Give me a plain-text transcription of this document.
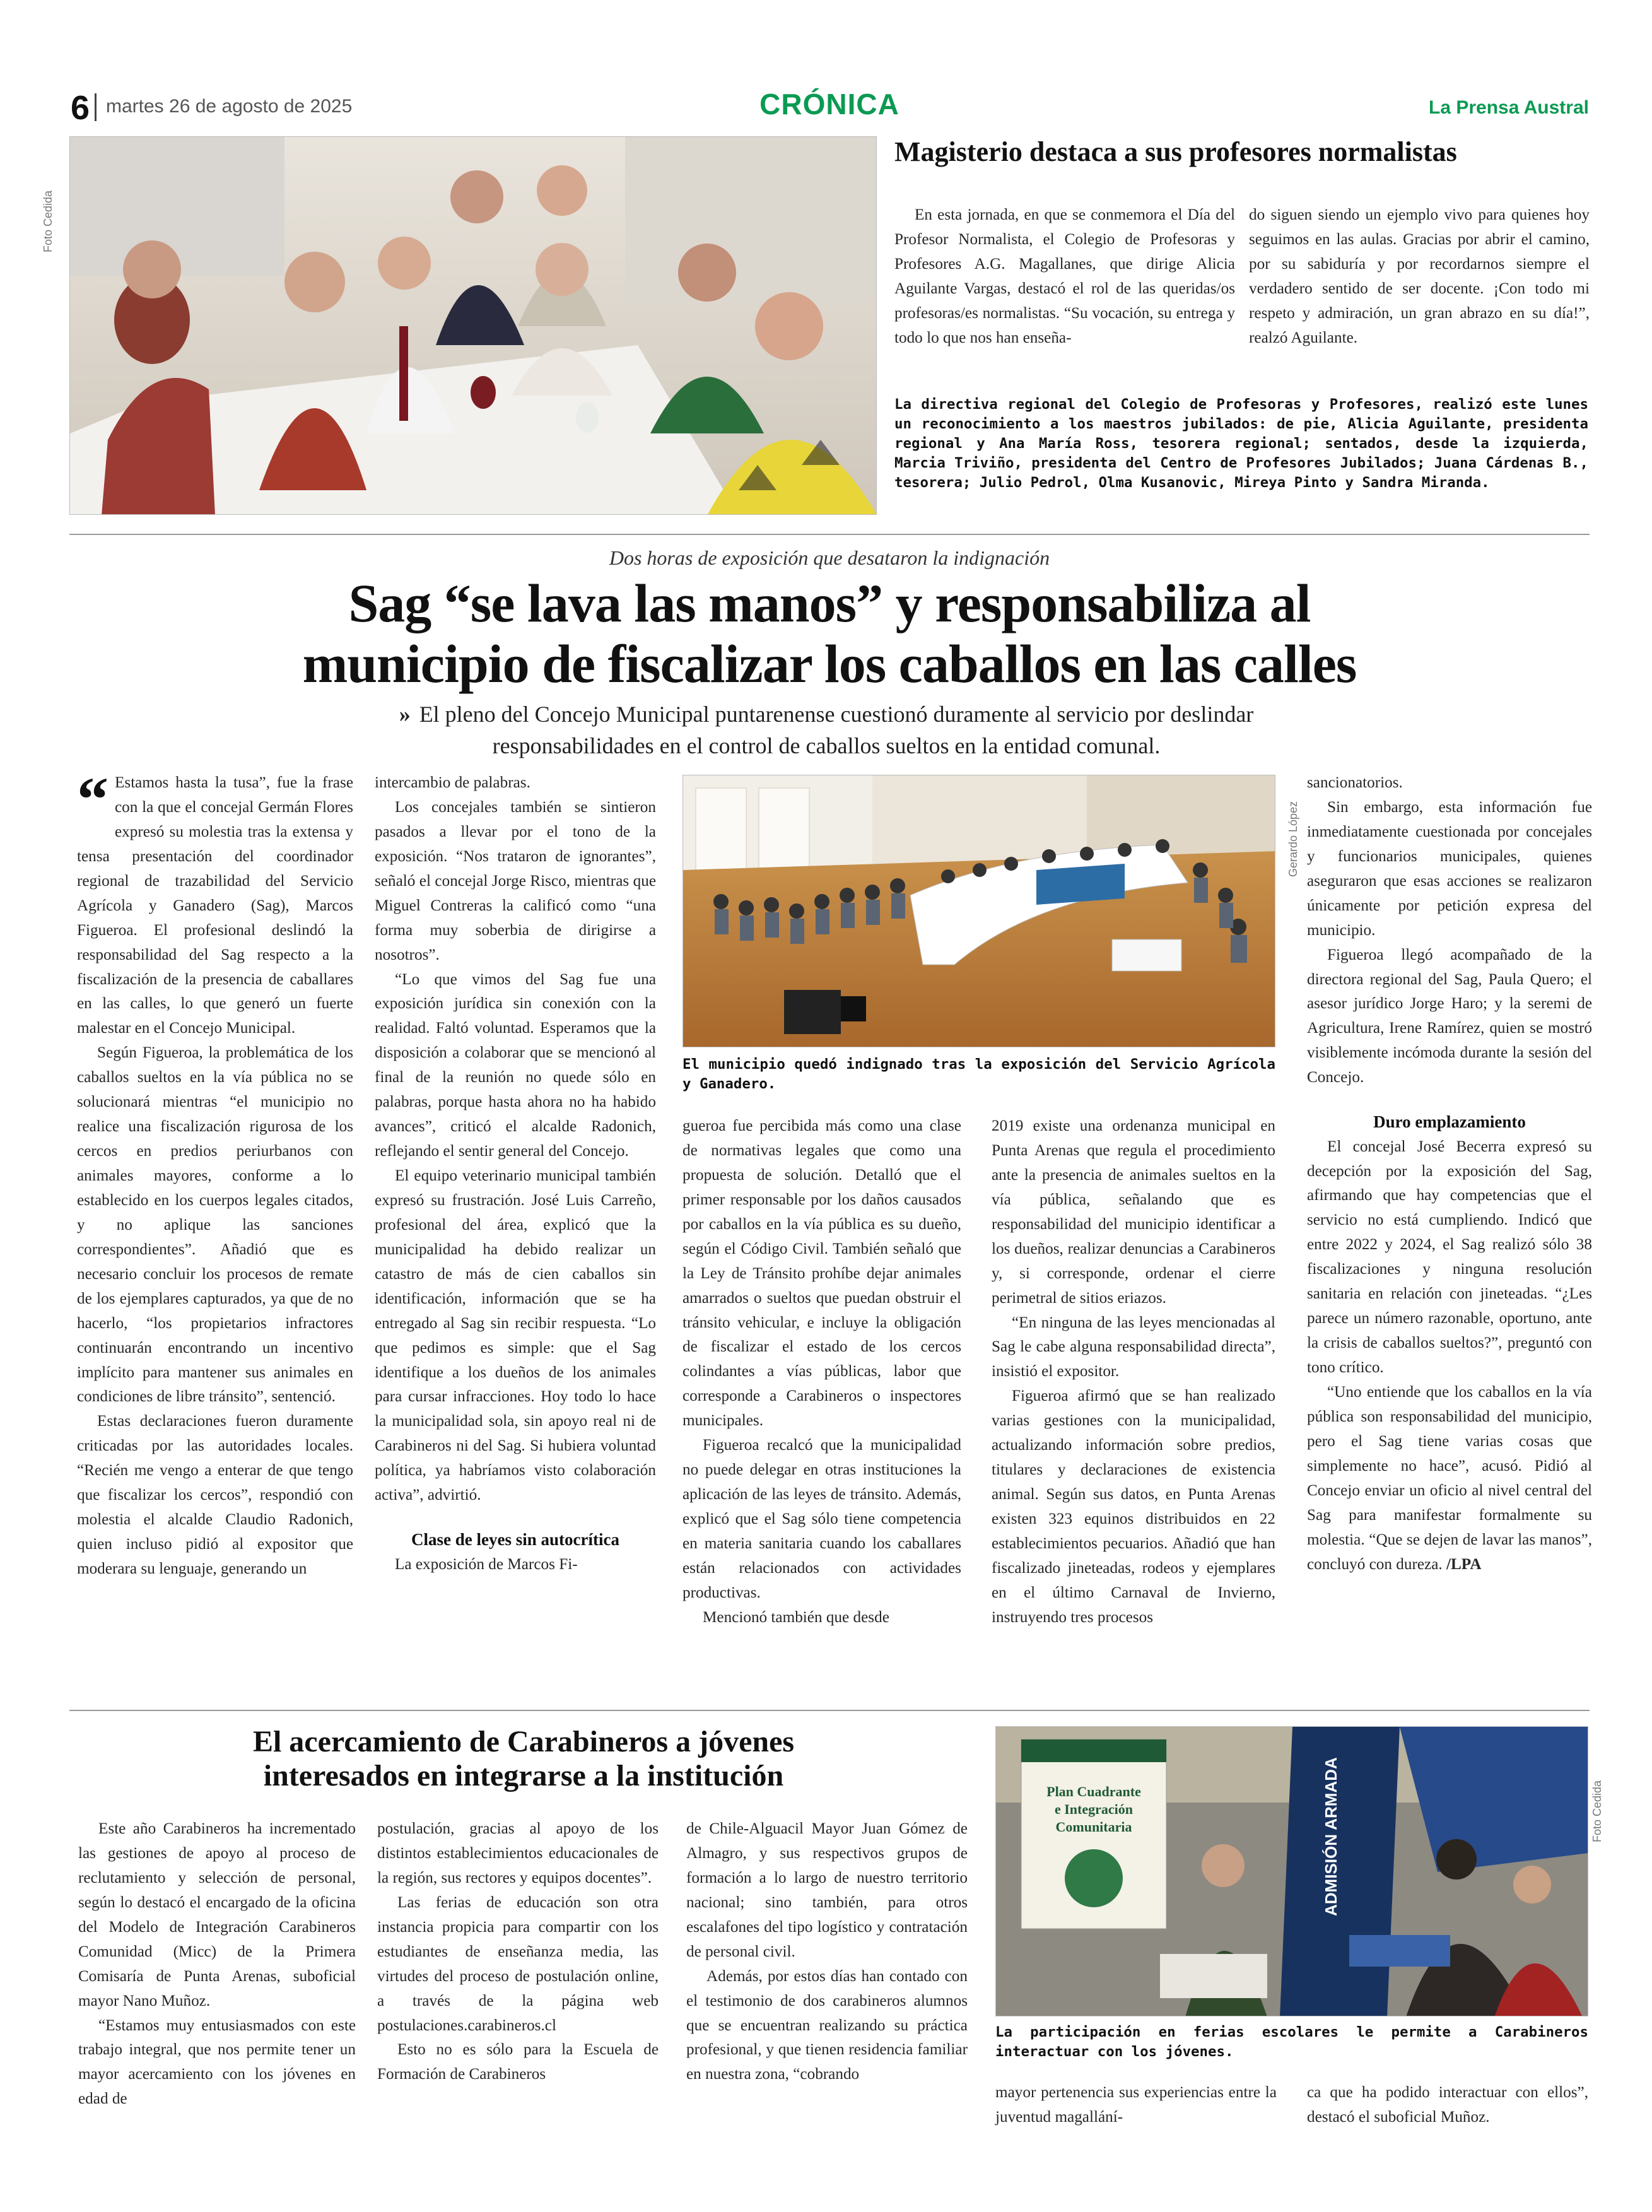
6 martes 26 de agosto de 2025	CRÓNICA	La Prensa Austral
Foto Cedida
Magisterio destaca a sus profesores normalistas

En esta jornada, en que se conmemora el Día del Profesor Normalista, el Colegio de Profesoras y Profesores A.G. Magallanes, que dirige Alicia Aguilante Vargas, destacó el rol de las queridas/os profesoras/es normalistas. “Su vocación, su entrega y todo lo que nos han enseña-

do siguen siendo un ejemplo vivo para quienes hoy seguimos en las aulas. Gracias por abrir el camino, por su sabiduría y por recordarnos siempre el verdadero sentido de ser docente. ¡Con todo mi respeto y admiración, un gran abrazo en su día!”, realzó Aguilante.

La directiva regional del Colegio de Profesoras y Profesores, realizó este lunes un reconocimiento a los maestros jubilados: de pie, Alicia Aguilante, presidenta regional y Ana María Ross, tesorera regional; sentados, desde la izquierda, Marcia Triviño, presidenta del Centro de Profesores Jubilados; Juana Cárdenas B., tesorera; Julio Pedrol, Olma Kusanovic, Mireya Pinto y Sandra Miranda.
Dos horas de exposición que desataron la indignación
Sag “se lava las manos” y responsabiliza al
municipio de fiscalizar los caballos en las calles
» El pleno del Concejo Municipal puntarenense cuestionó duramente al servicio por deslindar responsabilidades en el control de caballos sueltos en la entidad comunal.
“ Estamos hasta la tusa”, fue la frase con la que el concejal Germán Flores expresó su molestia tras la extensa y tensa presentación del coordinador regional de trazabilidad del Servicio Agrícola y Ganadero (Sag), Marcos Figueroa. El profesional deslindó la responsabilidad del Sag respecto a la fiscalización de la presencia de caballares en las calles, lo que generó un fuerte malestar en el Concejo Municipal.

Según Figueroa, la problemática de los caballos sueltos en la vía pública no se solucionará mientras “el municipio no realice una fiscalización rigurosa de los cercos en predios periurbanos con animales mayores, conforme a lo establecido en los cuerpos legales citados, y no aplique las sanciones correspondientes”. Añadió que es necesario concluir los procesos de remate de los ejemplares capturados, ya que de no hacerlo, “los propietarios infractores continuarán encontrando un incentivo implícito para mantener sus animales en condiciones de libre tránsito”, sentenció.

Estas declaraciones fueron duramente criticadas por las autoridades locales. “Recién me vengo a enterar de que tengo que fiscalizar los cercos”, respondió con molestia el alcalde Claudio Radonich, quien incluso pidió al expositor que moderara su lenguaje, generando un

intercambio de palabras.

Los concejales también se sintieron pasados a llevar por el tono de la exposición. “Nos trataron de ignorantes”, señaló el concejal Jorge Risco, mientras que Miguel Contreras la calificó como “una forma muy soberbia de dirigirse a nosotros”.

“Lo que vimos del Sag fue una exposición jurídica sin conexión con la realidad. Faltó voluntad. Esperamos que la disposición a colaborar que se mencionó al final de la reunión no quede sólo en palabras, porque hasta ahora no ha habido avances”, criticó el alcalde Radonich, reflejando el sentir general del Concejo.

El equipo veterinario municipal también expresó su frustración. José Luis Carreño, profesional del área, explicó que la municipalidad ha debido realizar un catastro de más de cien caballos sin identificación, información que se ha entregado al Sag sin recibir respuesta. “Lo que pedimos es simple: que el Sag identifique a los dueños de los animales para cursar infracciones. Hoy todo lo hace la municipalidad sola, sin apoyo real ni de Carabineros ni del Sag. Si hubiera voluntad política, ya habríamos visto colaboración activa”, advirtió.

Clase de leyes sin autocrítica

La exposición de Marcos Fi-

Gerardo López
El municipio quedó indignado tras la exposición del Servicio Agrícola y Ganadero.

gueroa fue percibida más como una clase de normativas legales que como una propuesta de solución. Detalló que el primer responsable por los daños causados por caballos en la vía pública es su dueño, según el Código Civil. También señaló que la Ley de Tránsito prohíbe dejar animales amarrados o sueltos que puedan obstruir el tránsito vehicular, e incluye la obligación de fiscalizar el estado de los cercos colindantes a vías públicas, labor que corresponde a Carabineros o inspectores municipales.

Figueroa recalcó que la municipalidad no puede delegar en otras instituciones la aplicación de las leyes de tránsito. Además, explicó que el Sag sólo tiene competencia en materia sanitaria cuando los caballares están relacionados con actividades productivas.

Mencionó también que desde

2019 existe una ordenanza municipal en Punta Arenas que regula el procedimiento ante la presencia de animales sueltos en la vía pública, señalando que es responsabilidad del municipio identificar a los dueños, realizar denuncias a Carabineros y, si corresponde, ordenar el cierre perimetral de sitios eriazos.

“En ninguna de las leyes mencionadas al Sag le cabe alguna responsabilidad directa”, insistió el expositor.

Figueroa afirmó que se han realizado varias gestiones con la municipalidad, actualizando información sobre predios, titulares y declaraciones de existencia animal. Según sus datos, en Punta Arenas existen 323 equinos distribuidos en 22 establecimientos pecuarios. Añadió que han fiscalizado jineteadas, rodeos y ejemplares en el último Carnaval de Invierno, instruyendo tres procesos

sancionatorios.

Sin embargo, esta información fue inmediatamente cuestionada por concejales y funcionarios municipales, quienes aseguraron que esas acciones se realizaron únicamente por petición expresa del municipio.

Figueroa llegó acompañado de la directora regional del Sag, Paula Quero; el asesor jurídico Jorge Haro; y la seremi de Agricultura, Irene Ramírez, quien se mostró visiblemente incómoda durante la sesión del Concejo.

Duro emplazamiento

El concejal José Becerra expresó su decepción por la exposición del Sag, afirmando que hay competencias que el servicio no está cumpliendo. Indicó que entre 2022 y 2024, el Sag realizó sólo 38 fiscalizaciones y ninguna resolución sanitaria en relación con jineteadas. “¿Les parece un número razonable, oportuno, ante la crisis de caballos sueltos?”, preguntó con tono crítico.

“Uno entiende que los caballos en la vía pública son responsabilidad del municipio, pero el Sag tiene varias cosas que simplemente no hace”, acusó. Pidió al Concejo enviar un oficio al nivel central del Sag para manifestar formalmente su molestia. “Que se dejen de lavar las manos”, concluyó con dureza. /LPA

El acercamiento de Carabineros a jóvenes
interesados en integrarse a la institución

Este año Carabineros ha incrementado las gestiones de apoyo al proceso de reclutamiento y selección de personal, según lo destacó el encargado de la oficina del Modelo de Integración Carabineros Comunidad (Micc) de la Primera Comisaría de Punta Arenas, suboficial mayor Nano Muñoz.

“Estamos muy entusiasmados con este trabajo integral, que nos permite tener un mayor acercamiento con los jóvenes en edad de

postulación, gracias al apoyo de los distintos establecimientos educacionales de la región, sus rectores y equipos docentes”.

Las ferias de educación son otra instancia propicia para compartir con los estudiantes de enseñanza media, las virtudes del proceso de postulación online, a través de la página web postulaciones.carabineros.cl

Esto no es sólo para la Escuela de Formación de Carabineros

de Chile-Alguacil Mayor Juan Gómez de Almagro, y sus respectivos grupos de formación a lo largo de nuestro territorio nacional; sino también, para otros escalafones del tipo logístico y contratación de personal civil.

Además, por estos días han contado con el testimonio de dos carabineros alumnos que se encuentran realizando su práctica profesional, y que tienen residencia familiar en nuestra zona, “cobrando

Foto Cedida
Plan Cuadrante
e Integración
Comunitaria	ADMISIÓN ARMADA
La participación en ferias escolares le permite a Carabineros interactuar con los jóvenes.

mayor pertenencia sus experiencias entre la juventud magallání-

ca que ha podido interactuar con ellos”, destacó el suboficial Muñoz.
